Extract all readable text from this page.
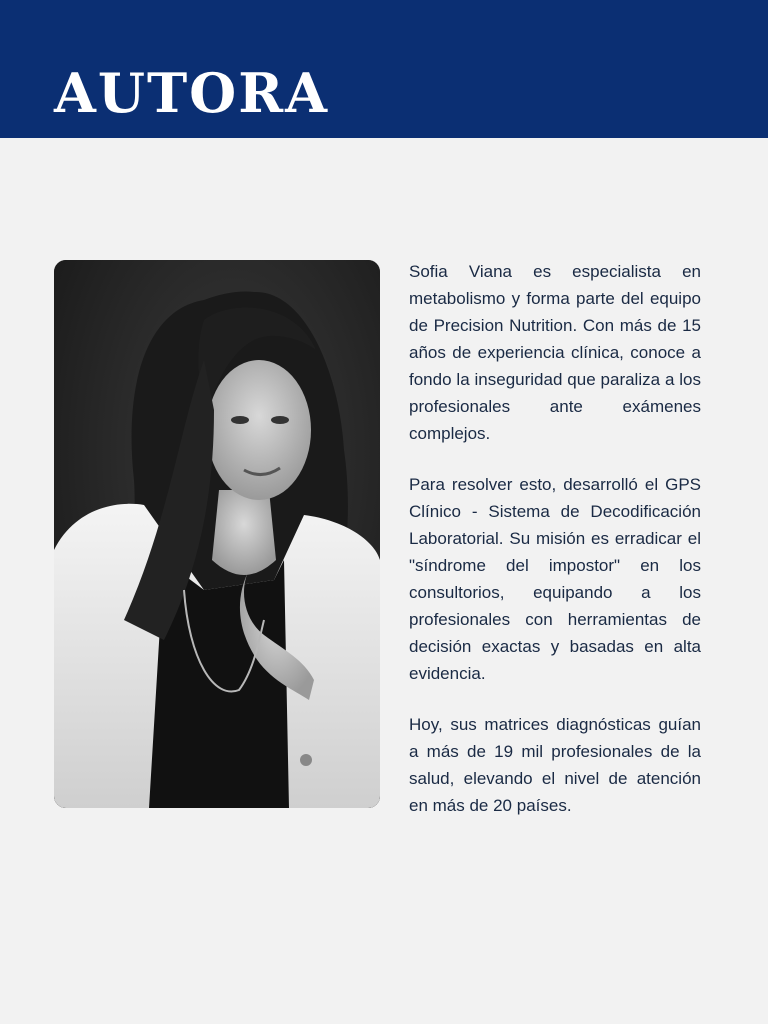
AUTORA

Sofia Viana es especialista en metabolismo y forma parte del equipo de Precision Nutrition. Con más de 15 años de experiencia clínica, conoce a fondo la inseguridad que paraliza a los profesionales ante exámenes complejos.

Para resolver esto, desarrolló el GPS Clínico - Sistema de Decodificación Laboratorial. Su misión es erradicar el "síndrome del impostor" en los consultorios, equipando a los profesionales con herramientas de decisión exactas y basadas en alta evidencia.

Hoy, sus matrices diagnósticas guían a más de 19 mil profesionales de la salud, elevando el nivel de atención en más de 20 países.
